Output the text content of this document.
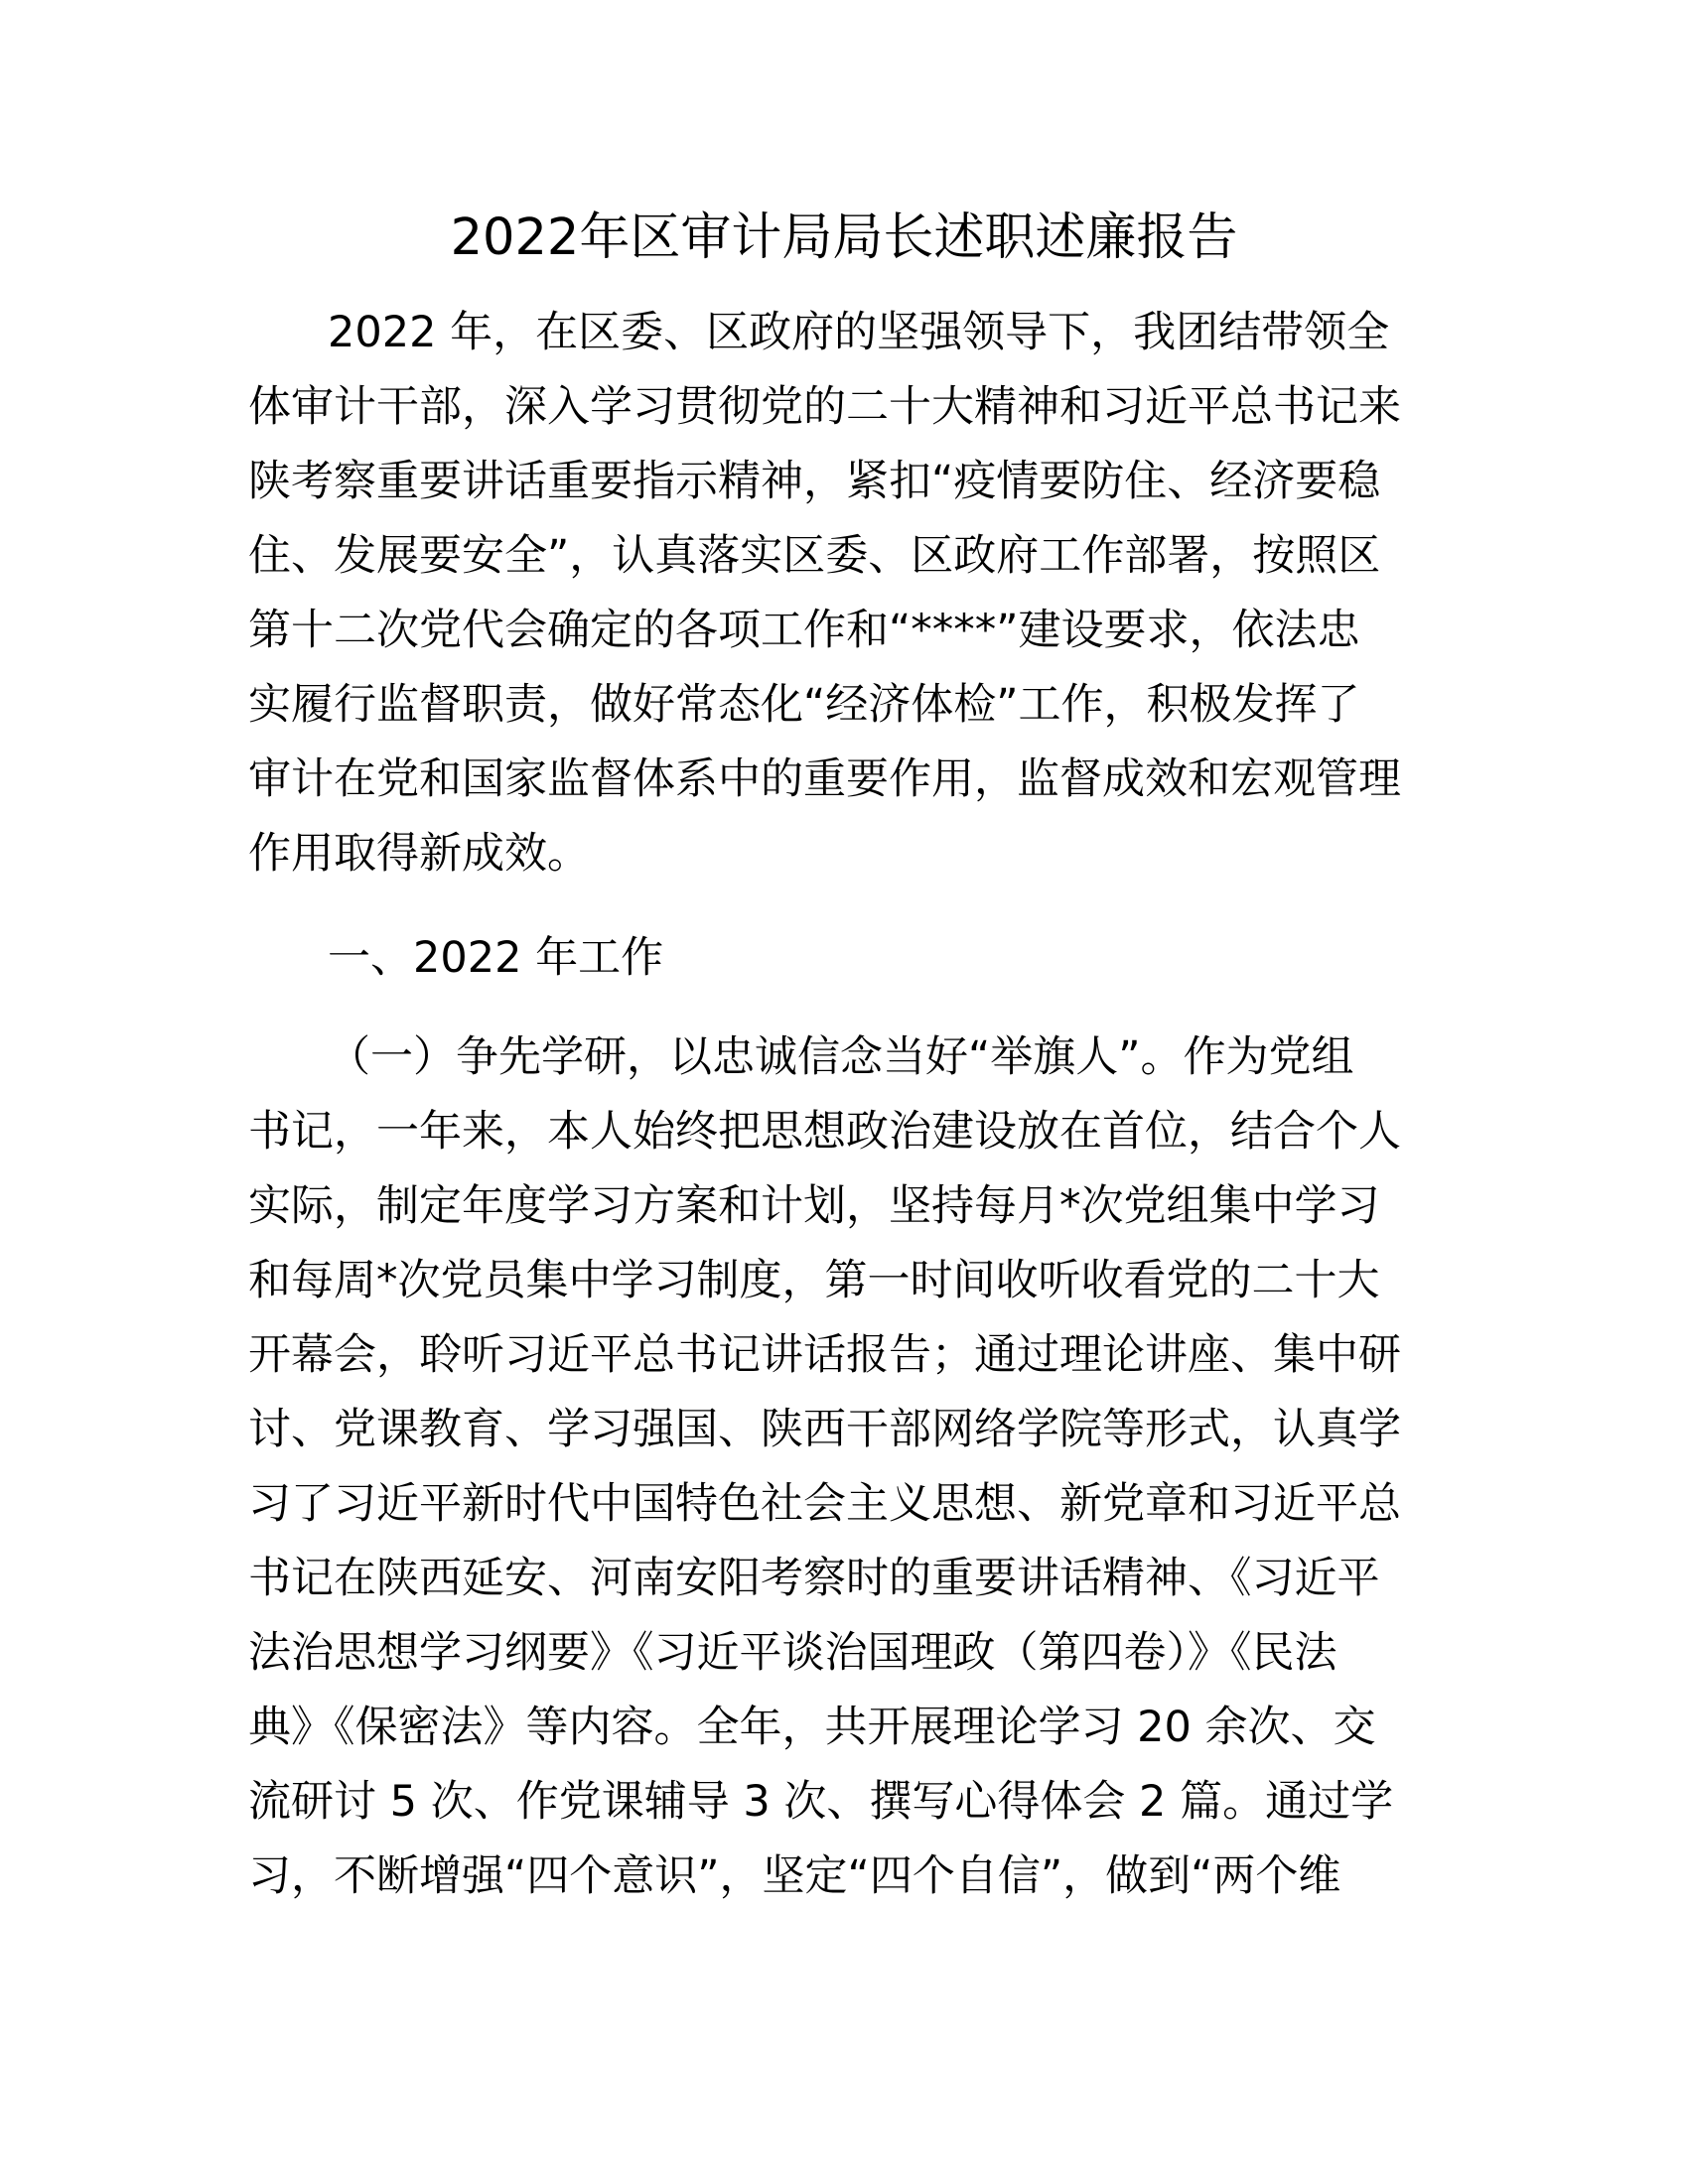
2022年区审计局局长述职述廉报告
2022 年，在区委、区政府的坚强领导下，我团结带领全
体审计干部，深入学习贯彻党的二十大精神和习近平总书记来
陕考察重要讲话重要指示精神，紧扣“疫情要防住、经济要稳
住、发展要安全”，认真落实区委、区政府工作部署，按照区
第十二次党代会确定的各项工作和“****”建设要求，依法忠
实履行监督职责，做好常态化“经济体检”工作，积极发挥了
审计在党和国家监督体系中的重要作用，监督成效和宏观管理
作用取得新成效。
一、2022 年工作
（一）争先学研，以忠诚信念当好“举旗人”。作为党组
书记，一年来，本人始终把思想政治建设放在首位，结合个人
实际，制定年度学习方案和计划，坚持每月*次党组集中学习
和每周*次党员集中学习制度，第一时间收听收看党的二十大
开幕会，聆听习近平总书记讲话报告；通过理论讲座、集中研
讨、党课教育、学习强国、陕西干部网络学院等形式，认真学
习了习近平新时代中国特色社会主义思想、新党章和习近平总
书记在陕西延安、河南安阳考察时的重要讲话精神、《习近平
法治思想学习纲要》《习近平谈治国理政（第四卷）》《民法
典》《保密法》等内容。全年，共开展理论学习 20 余次、交
流研讨 5 次、作党课辅导 3 次、撰写心得体会 2 篇。通过学
习，不断增强“四个意识”，坚定“四个自信”，做到“两个维
